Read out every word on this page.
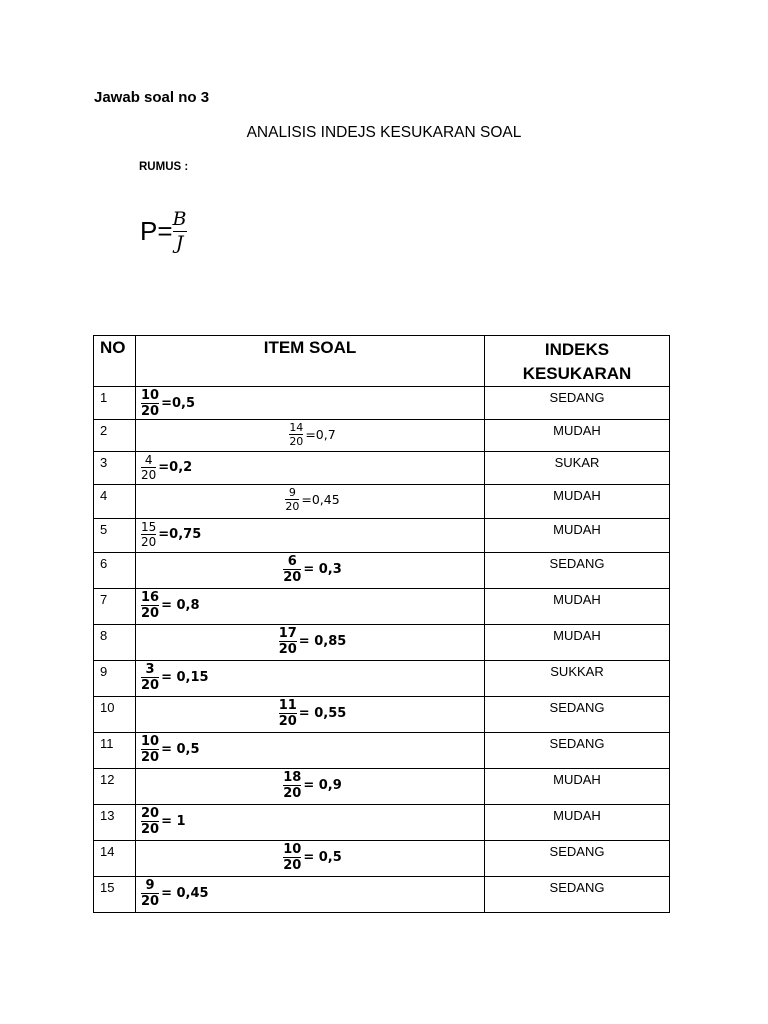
Jawab soal no 3
ANALISIS INDEJS KESUKARAN SOAL
RUMUS :
$P= \frac{B}{J}$
NO	ITEM SOAL	INDEKS
KESUKARAN

1	$\frac{10}{20} =0,5$	SEDANG
2	$\frac{14}{20} =0,7$	MUDAH
3	$\frac{4}{20} =0,2$	SUKAR
4	$\frac{9}{20} =0,45$	MUDAH
5	$\frac{15}{20} =0,75$	MUDAH
6	$\frac{6}{20} = 0,3$	SEDANG
7	$\frac{16}{20} = 0,8$	MUDAH
8	$\frac{17}{20} = 0,85$	MUDAH
9	$\frac{3}{20} = 0,15$	SUKKAR
10	$\frac{11}{20} = 0,55$	SEDANG
11	$\frac{10}{20} = 0,5$	SEDANG
12	$\frac{18}{20} = 0,9$	MUDAH
13	$\frac{20}{20} = 1$	MUDAH
14	$\frac{10}{20} = 0,5$	SEDANG
15	$\frac{9}{20} = 0,45$	SEDANG
